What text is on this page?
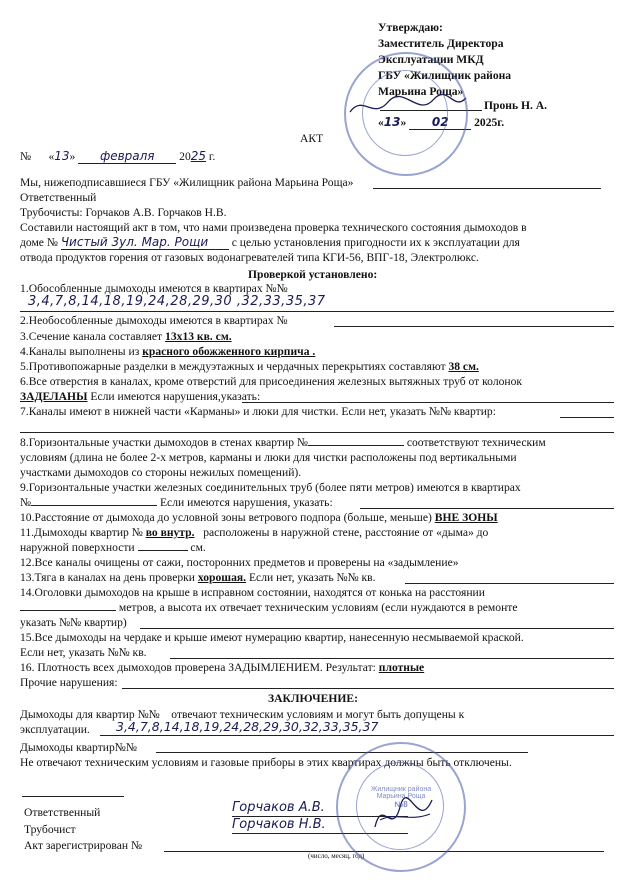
Утверждаю:
Заместитель Директора
Эксплуатации МКД
ГБУ «Жилищник района
Марьина Роща»
Пронь Н. А.
«13» 02 2025г.
АКТ
№      «13» февраля 2025 г.
Мы, нижеподписавшиеся ГБУ «Жилищник района Марьина Роща»
Ответственный
Трубочисты: Горчаков А.В. Горчаков Н.В.
Составили настоящий акт в том, что нами произведена проверка технического состояния дымоходов в
доме № Чистый 3ул. Мар. Рощи с целью установления пригодности их к эксплуатации для
отвода продуктов горения от газовых водонагревателей типа КГИ-56, ВПГ-18, Электролюкс.
Проверкой установлено:
1.Обособленные дымоходы имеются в квартирах №№
3,4,7,8,14,18,19,24,28,29,30 ,32,33,35,37
2.Необособленные дымоходы имеются в квартирах №
3.Сечение канала составляет 13х13 кв. см.
4.Каналы выполнены из красного обожженного кирпича .
5.Противопожарные разделки в междуэтажных и чердачных перекрытиях составляют 38 см.
6.Все отверстия в каналах, кроме отверстий для присоединения железных вытяжных труб от колонок
ЗАДЕЛАНЫ Если имеются нарушения,указать:
7.Каналы имеют в нижней части «Карманы» и люки для чистки. Если нет, указать №№ квартир:
8.Горизонтальные участки дымоходов в стенах квартир №	соответствуют техническим
условиям (длина не более 2-х метров, карманы и люки для чистки расположены под вертикальными
участками дымоходов со стороны нежилых помещений).
9.Горизонтальные участки железных соединительных труб (более пяти метров) имеются в квартирах
№	Если имеются нарушения, указать:
10.Расстояние от дымохода до условной зоны ветрового подпора (больше, меньше) ВНЕ ЗОНЫ
11.Дымоходы квартир № во внутр. расположены в наружной стене, расстояние от «дыма» до
наружной поверхности	см.
12.Все каналы очищены от сажи, посторонних предметов и проверены на «задымление»
13.Тяга в каналах на день проверки хорошая. Если нет, указать №№ кв.
14.Оголовки дымоходов на крыше в исправном состоянии, находятся от конька на расстоянии
метров, а высота их отвечает техническим условиям (если нуждаются в ремонте
указать №№ квартир)
15.Все дымоходы на чердаке и крыше имеют нумерацию квартир, нанесенную несмываемой краской.
Если нет, указать №№ кв.
16. Плотность всех дымоходов проверена ЗАДЫМЛЕНИЕМ. Результат: плотные
Прочие нарушения:
ЗАКЛЮЧЕНИЕ:
Дымоходы для квартир №№ отвечают техническим условиям и могут быть допущены к
эксплуатации. 3,4,7,8,14,18,19,24,28,29,30,32,33,35,37
Дымоходы квартир№№
Не отвечают техническим условиям и газовые приборы в этих квартирах должны быть отключены.
Ответственный
Трубочист
Горчаков А.В.
Горчаков Н.В.
Акт зарегистрирован №
(число, месяц, год)
Жилищник района
Марьина Роща
№8
